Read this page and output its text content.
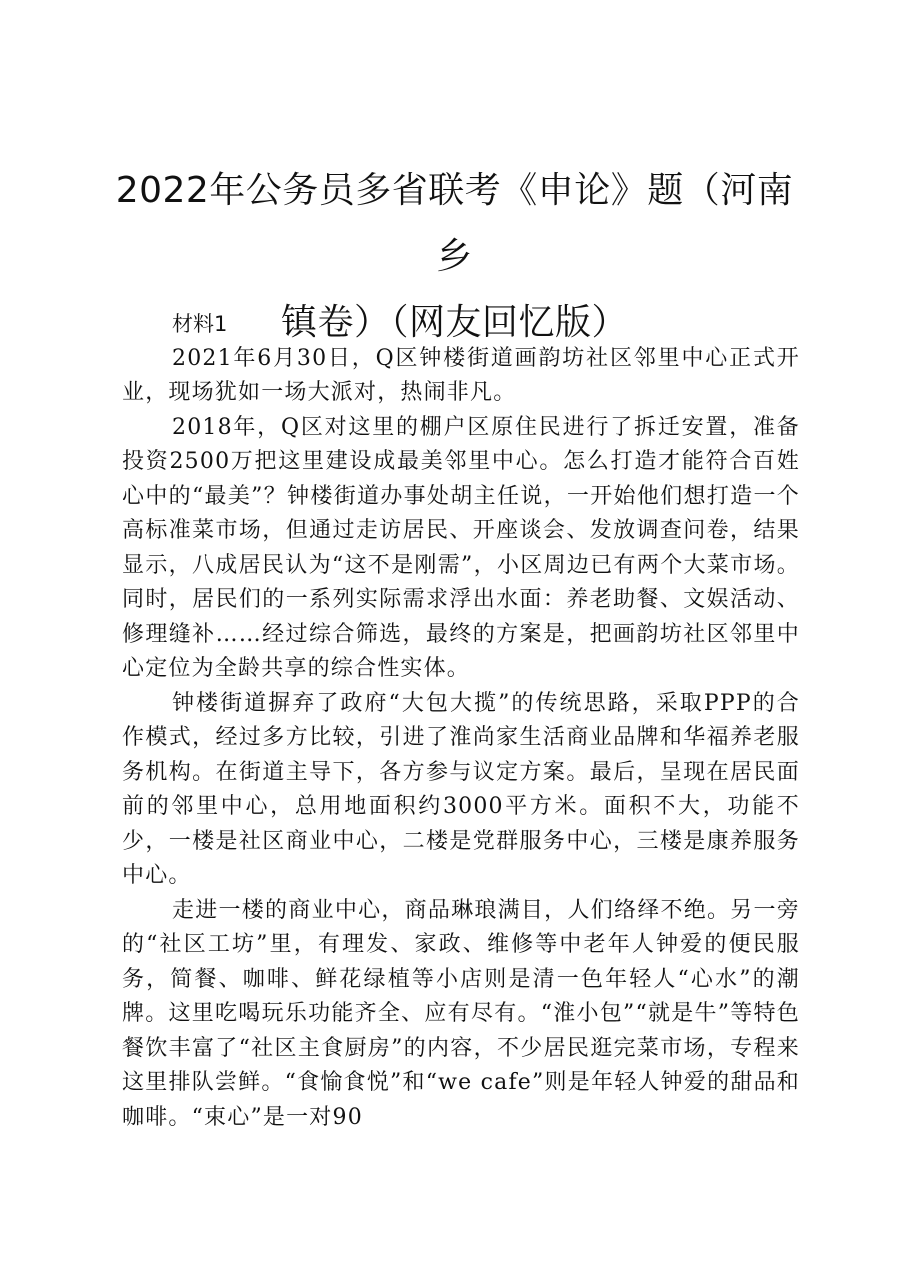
2022年公务员多省联考《申论》题（河南乡
镇卷）（网友回忆版）

材料1

2021年6月30日，Q区钟楼街道画韵坊社区邻里中心正式开业，现场犹如一场大派对，热闹非凡。

2018年，Q区对这里的棚户区原住民进行了拆迁安置，准备投资2500万把这里建设成最美邻里中心。怎么打造才能符合百姓心中的“最美”？钟楼街道办事处胡主任说，一开始他们想打造一个高标准菜市场，但通过走访居民、开座谈会、发放调查问卷，结果显示，八成居民认为“这不是刚需”，小区周边已有两个大菜市场。同时，居民们的一系列实际需求浮出水面：养老助餐、文娱活动、修理缝补……经过综合筛选，最终的方案是，把画韵坊社区邻里中心定位为全龄共享的综合性实体。

钟楼街道摒弃了政府“大包大揽”的传统思路，采取PPP的合作模式，经过多方比较，引进了淮尚家生活商业品牌和华福养老服务机构。在街道主导下，各方参与议定方案。最后，呈现在居民面前的邻里中心，总用地面积约3000平方米。面积不大，功能不少，一楼是社区商业中心，二楼是党群服务中心，三楼是康养服务中心。

走进一楼的商业中心，商品琳琅满目，人们络绎不绝。另一旁的“社区工坊”里，有理发、家政、维修等中老年人钟爱的便民服务，简餐、咖啡、鲜花绿植等小店则是清一色年轻人“心水”的潮牌。这里吃喝玩乐功能齐全、应有尽有。“淮小包”“就是牛”等特色餐饮丰富了“社区主食厨房”的内容，不少居民逛完菜市场，专程来这里排队尝鲜。“食愉食悦”和“we cafe”则是年轻人钟爱的甜品和咖啡。“束心”是一对90
